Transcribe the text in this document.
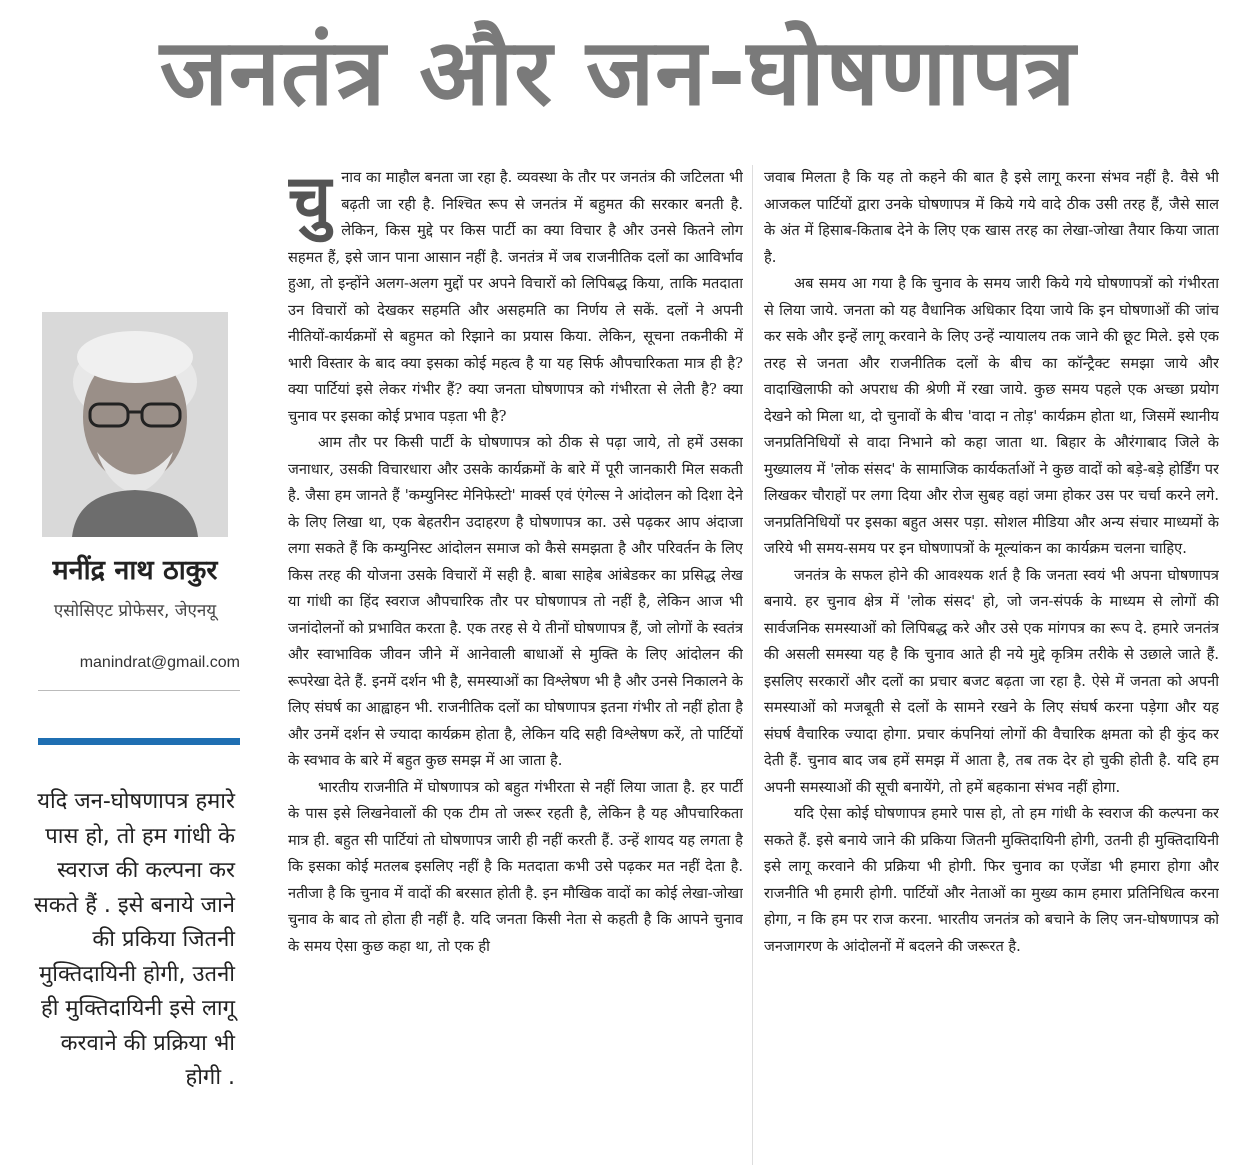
जनतंत्र और जन-घोषणापत्र
मनींद्र नाथ ठाकुर
एसोसिएट प्रोफेसर, जेएनयू
manindrat@gmail.com
यदि जन-घोषणापत्र हमारे पास हो, तो हम गांधी के स्वराज की कल्पना कर सकते हैं . इसे बनाये जाने की प्रकिया जितनी मुक्तिदायिनी होगी, उतनी ही मुक्तिदायिनी इसे लागू करवाने की प्रक्रिया भी होगी .
चु नाव का माहौल बनता जा रहा है. व्यवस्था के तौर पर जनतंत्र की जटिलता भी बढ़ती जा रही है. निश्चित रूप से जनतंत्र में बहुमत की सरकार बनती है. लेकिन, किस मुद्दे पर किस पार्टी का क्या विचार है और उनसे कितने लोग सहमत हैं, इसे जान पाना आसान नहीं है. जनतंत्र में जब राजनीतिक दलों का आविर्भाव हुआ, तो इन्होंने अलग-अलग मुद्दों पर अपने विचारों को लिपिबद्ध किया, ताकि मतदाता उन विचारों को देखकर सहमति और असहमति का निर्णय ले सकें. दलों ने अपनी नीतियों-कार्यक्रमों से बहुमत को रिझाने का प्रयास किया. लेकिन, सूचना तकनीकी में भारी विस्तार के बाद क्या इसका कोई महत्व है या यह सिर्फ औपचारिकता मात्र ही है? क्या पार्टियां इसे लेकर गंभीर हैं? क्या जनता घोषणापत्र को गंभीरता से लेती है? क्या चुनाव पर इसका कोई प्रभाव पड़ता भी है?

आम तौर पर किसी पार्टी के घोषणापत्र को ठीक से पढ़ा जाये, तो हमें उसका जनाधार, उसकी विचारधारा और उसके कार्यक्रमों के बारे में पूरी जानकारी मिल सकती है. जैसा हम जानते हैं 'कम्युनिस्ट मेनिफेस्टो' मार्क्स एवं एंगेल्स ने आंदोलन को दिशा देने के लिए लिखा था, एक बेहतरीन उदाहरण है घोषणापत्र का. उसे पढ़कर आप अंदाजा लगा सकते हैं कि कम्युनिस्ट आंदोलन समाज को कैसे समझता है और परिवर्तन के लिए किस तरह की योजना उसके विचारों में सही है. बाबा साहेब आंबेडकर का प्रसिद्ध लेख या गांधी का हिंद स्वराज औपचारिक तौर पर घोषणापत्र तो नहीं है, लेकिन आज भी जनांदोलनों को प्रभावित करता है. एक तरह से ये तीनों घोषणापत्र हैं, जो लोगों के स्वतंत्र और स्वाभाविक जीवन जीने में आनेवाली बाधाओं से मुक्ति के लिए आंदोलन की रूपरेखा देते हैं. इनमें दर्शन भी है, समस्याओं का विश्लेषण भी है और उनसे निकालने के लिए संघर्ष का आह्वाहन भी. राजनीतिक दलों का घोषणापत्र इतना गंभीर तो नहीं होता है और उनमें दर्शन से ज्यादा कार्यक्रम होता है, लेकिन यदि सही विश्लेषण करें, तो पार्टियों के स्वभाव के बारे में बहुत कुछ समझ में आ जाता है.

भारतीय राजनीति में घोषणापत्र को बहुत गंभीरता से नहीं लिया जाता है. हर पार्टी के पास इसे लिखनेवालों की एक टीम तो जरूर रहती है, लेकिन है यह औपचारिकता मात्र ही. बहुत सी पार्टियां तो घोषणापत्र जारी ही नहीं करती हैं. उन्हें शायद यह लगता है कि इसका कोई मतलब इसलिए नहीं है कि मतदाता कभी उसे पढ़कर मत नहीं देता है. नतीजा है कि चुनाव में वादों की बरसात होती है. इन मौखिक वादों का कोई लेखा-जोखा चुनाव के बाद तो होता ही नहीं है. यदि जनता किसी नेता से कहती है कि आपने चुनाव के समय ऐसा कुछ कहा था, तो एक ही

जवाब मिलता है कि यह तो कहने की बात है इसे लागू करना संभव नहीं है. वैसे भी आजकल पार्टियों द्वारा उनके घोषणापत्र में किये गये वादे ठीक उसी तरह हैं, जैसे साल के अंत में हिसाब-किताब देने के लिए एक खास तरह का लेखा-जोखा तैयार किया जाता है.

अब समय आ गया है कि चुनाव के समय जारी किये गये घोषणापत्रों को गंभीरता से लिया जाये. जनता को यह वैधानिक अधिकार दिया जाये कि इन घोषणाओं की जांच कर सके और इन्हें लागू करवाने के लिए उन्हें न्यायालय तक जाने की छूट मिले. इसे एक तरह से जनता और राजनीतिक दलों के बीच का कॉन्ट्रैक्ट समझा जाये और वादाखिलाफी को अपराध की श्रेणी में रखा जाये. कुछ समय पहले एक अच्छा प्रयोग देखने को मिला था, दो चुनावों के बीच 'वादा न तोड़' कार्यक्रम होता था, जिसमें स्थानीय जनप्रतिनिधियों से वादा निभाने को कहा जाता था. बिहार के औरंगाबाद जिले के मुख्यालय में 'लोक संसद' के सामाजिक कार्यकर्ताओं ने कुछ वादों को बड़े-बड़े होर्डिंग पर लिखकर चौराहों पर लगा दिया और रोज सुबह वहां जमा होकर उस पर चर्चा करने लगे. जनप्रतिनिधियों पर इसका बहुत असर पड़ा. सोशल मीडिया और अन्य संचार माध्यमों के जरिये भी समय-समय पर इन घोषणापत्रों के मूल्यांकन का कार्यक्रम चलना चाहिए.

जनतंत्र के सफल होने की आवश्यक शर्त है कि जनता स्वयं भी अपना घोषणापत्र बनाये. हर चुनाव क्षेत्र में 'लोक संसद' हो, जो जन-संपर्क के माध्यम से लोगों की सार्वजनिक समस्याओं को लिपिबद्ध करे और उसे एक मांगपत्र का रूप दे. हमारे जनतंत्र की असली समस्या यह है कि चुनाव आते ही नये मुद्दे कृत्रिम तरीके से उछाले जाते हैं. इसलिए सरकारों और दलों का प्रचार बजट बढ़ता जा रहा है. ऐसे में जनता को अपनी समस्याओं को मजबूती से दलों के सामने रखने के लिए संघर्ष करना पड़ेगा और यह संघर्ष वैचारिक ज्यादा होगा. प्रचार कंपनियां लोगों की वैचारिक क्षमता को ही कुंद कर देती हैं. चुनाव बाद जब हमें समझ में आता है, तब तक देर हो चुकी होती है. यदि हम अपनी समस्याओं की सूची बनायेंगे, तो हमें बहकाना संभव नहीं होगा.

यदि ऐसा कोई घोषणापत्र हमारे पास हो, तो हम गांधी के स्वराज की कल्पना कर सकते हैं. इसे बनाये जाने की प्रकिया जितनी मुक्तिदायिनी होगी, उतनी ही मुक्तिदायिनी इसे लागू करवाने की प्रक्रिया भी होगी. फिर चुनाव का एजेंडा भी हमारा होगा और राजनीति भी हमारी होगी. पार्टियों और नेताओं का मुख्य काम हमारा प्रतिनिधित्व करना होगा, न कि हम पर राज करना. भारतीय जनतंत्र को बचाने के लिए जन-घोषणापत्र को जनजागरण के आंदोलनों में बदलने की जरूरत है.
